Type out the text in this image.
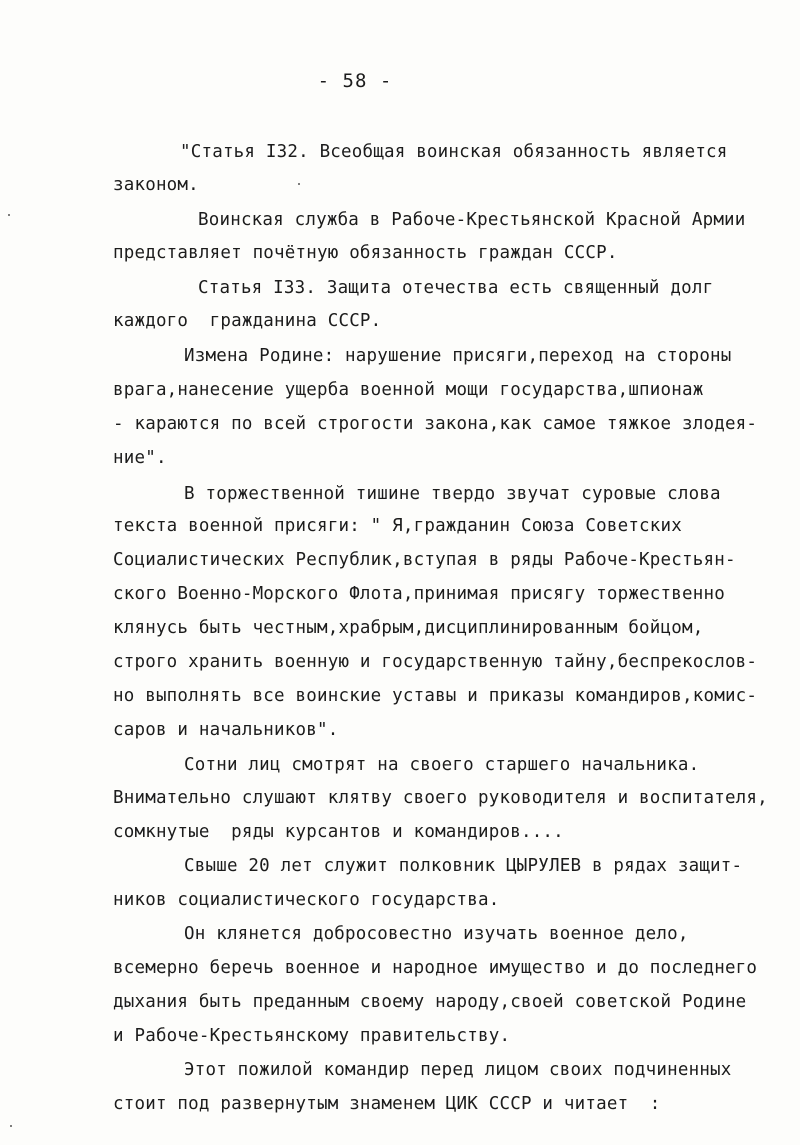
- 58 -
"Статья I32. Всеобщая воинская обязанность является
законом.
Воинская служба в Рабоче-Крестьянской Красной Армии
представляет почётную обязанность граждан СССР.
Статья I33. Защита отечества есть священный долг
каждого  гражданина СССР.
Измена Родине: нарушение присяги,переход на стороны
врага,нанесение ущерба военной мощи государства,шпионаж
- караются по всей строгости закона,как самое тяжкое злодея-
ние".
В торжественной тишине твердо звучат суровые слова
текста военной присяги: " Я,гражданин Союза Советских
Социалистических Республик,вступая в ряды Рабоче-Крестьян-
ского Военно-Морского Флота,принимая присягу торжественно
клянусь быть честным,храбрым,дисциплинированным бойцом,
строго хранить военную и государственную тайну,беспрекослов-
но выполнять все воинские уставы и приказы командиров,комис-
саров и начальников".
Сотни лиц смотрят на своего старшего начальника.
Внимательно слушают клятву своего руководителя и воспитателя,
сомкнутые  ряды курсантов и командиров....
Свыше 20 лет служит полковник ЦЫРУЛЕВ в рядах защит-
ников социалистического государства.
Он клянется добросовестно изучать военное дело,
всемерно беречь военное и народное имущество и до последнего
дыхания быть преданным своему народу,своей советской Родине
и Рабоче-Крестьянскому правительству.
Этот пожилой командир перед лицом своих подчиненных
стоит под развернутым знаменем ЦИК СССР и читает  :
